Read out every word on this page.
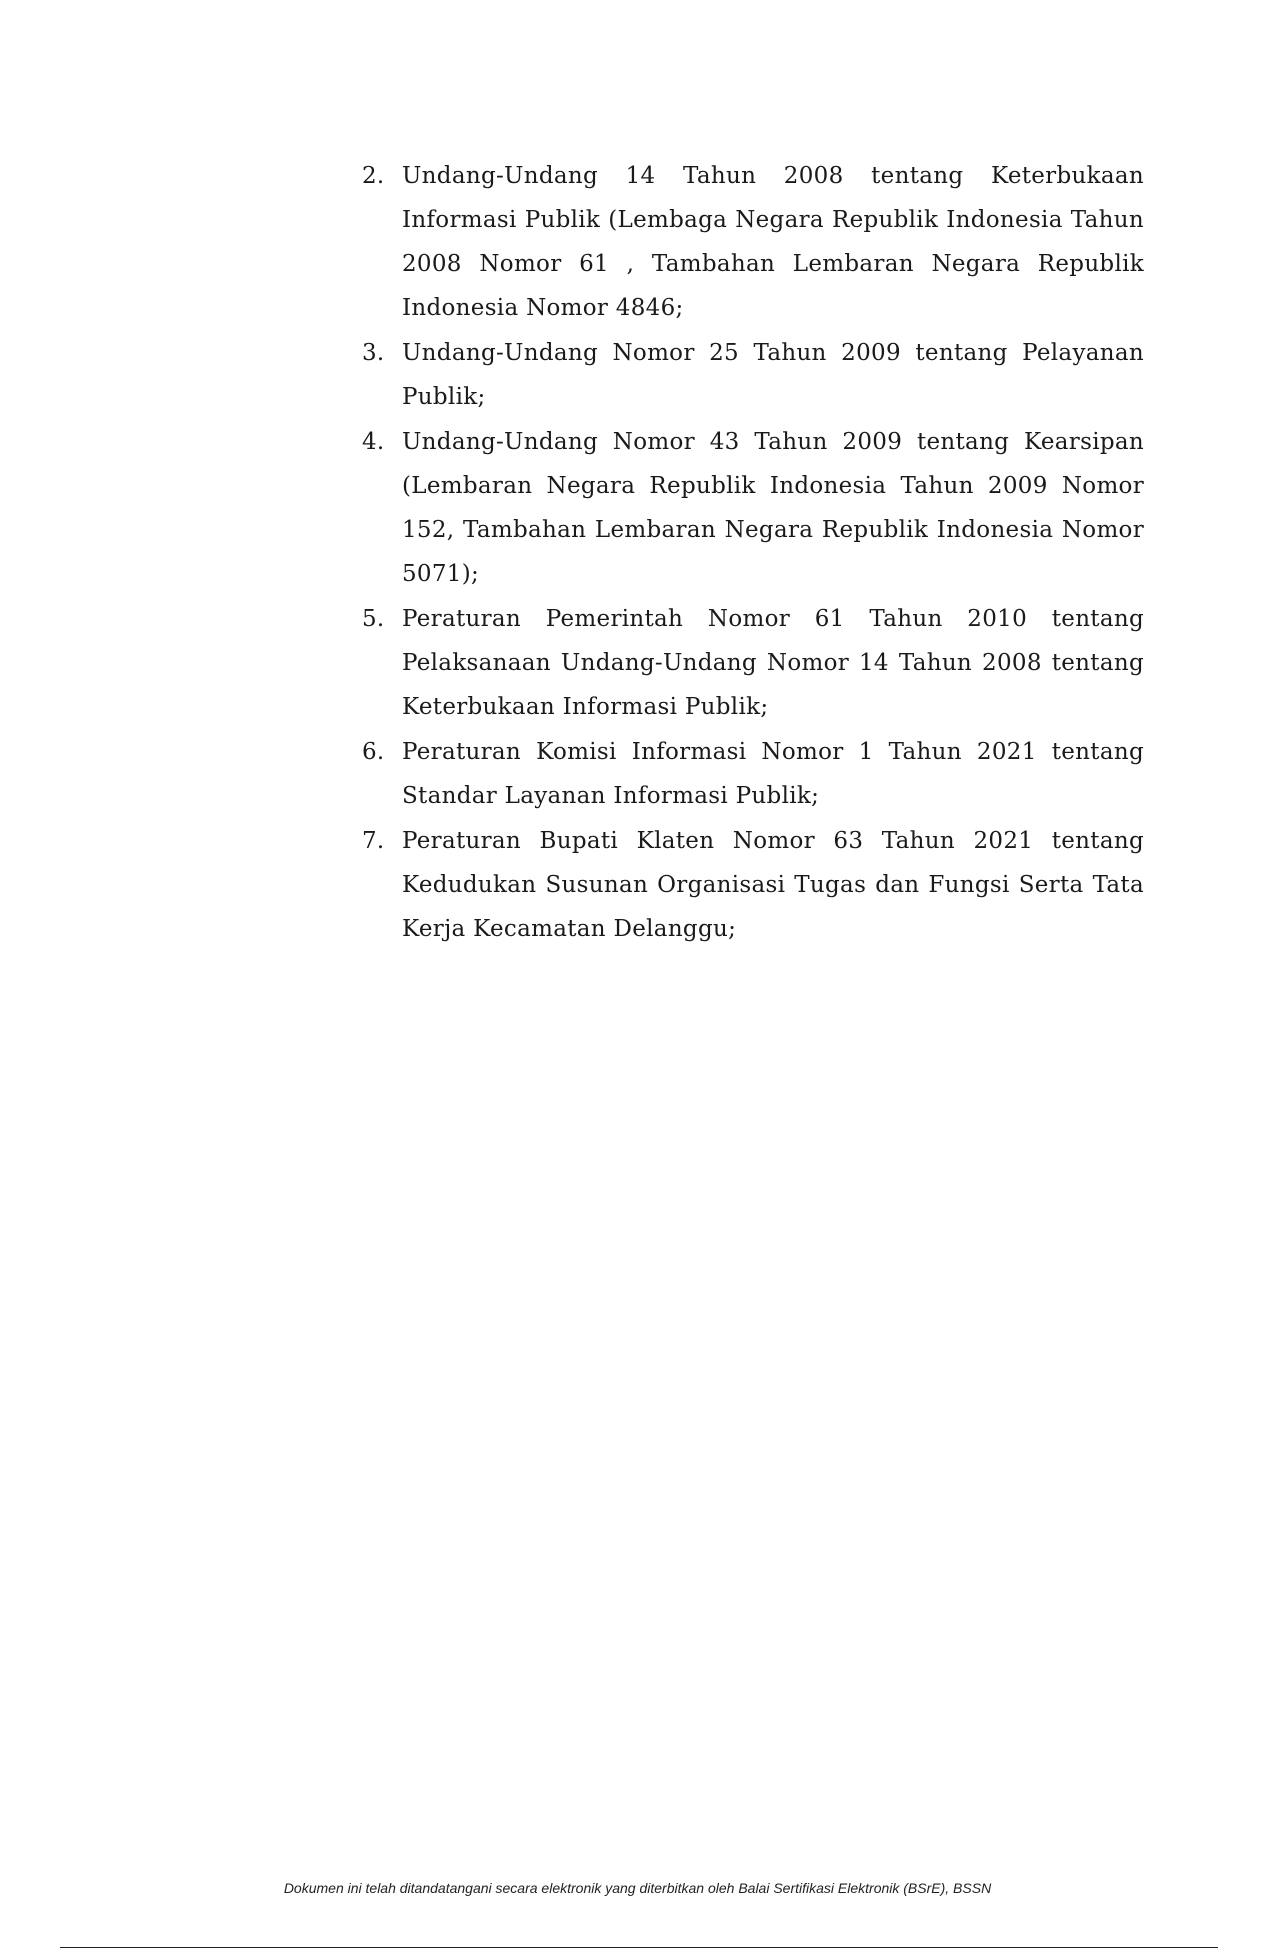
2. Undang-Undang 14 Tahun 2008 tentang Keterbukaan Informasi Publik (Lembaga Negara Republik Indonesia Tahun 2008 Nomor 61 , Tambahan Lembaran Negara Republik Indonesia Nomor 4846;
3. Undang-Undang Nomor 25 Tahun 2009 tentang Pelayanan Publik;
4. Undang-Undang Nomor 43 Tahun 2009 tentang Kearsipan (Lembaran Negara Republik Indonesia Tahun 2009 Nomor 152, Tambahan Lembaran Negara Republik Indonesia Nomor 5071);
5. Peraturan Pemerintah Nomor 61 Tahun 2010 tentang Pelaksanaan Undang-Undang Nomor 14 Tahun 2008 tentang Keterbukaan Informasi Publik;
6. Peraturan Komisi Informasi Nomor 1 Tahun 2021 tentang Standar Layanan Informasi Publik;
7. Peraturan Bupati Klaten Nomor 63 Tahun 2021 tentang Kedudukan Susunan Organisasi Tugas dan Fungsi Serta Tata Kerja Kecamatan Delanggu;
Dokumen ini telah ditandatangani secara elektronik yang diterbitkan oleh Balai Sertifikasi Elektronik (BSrE), BSSN
